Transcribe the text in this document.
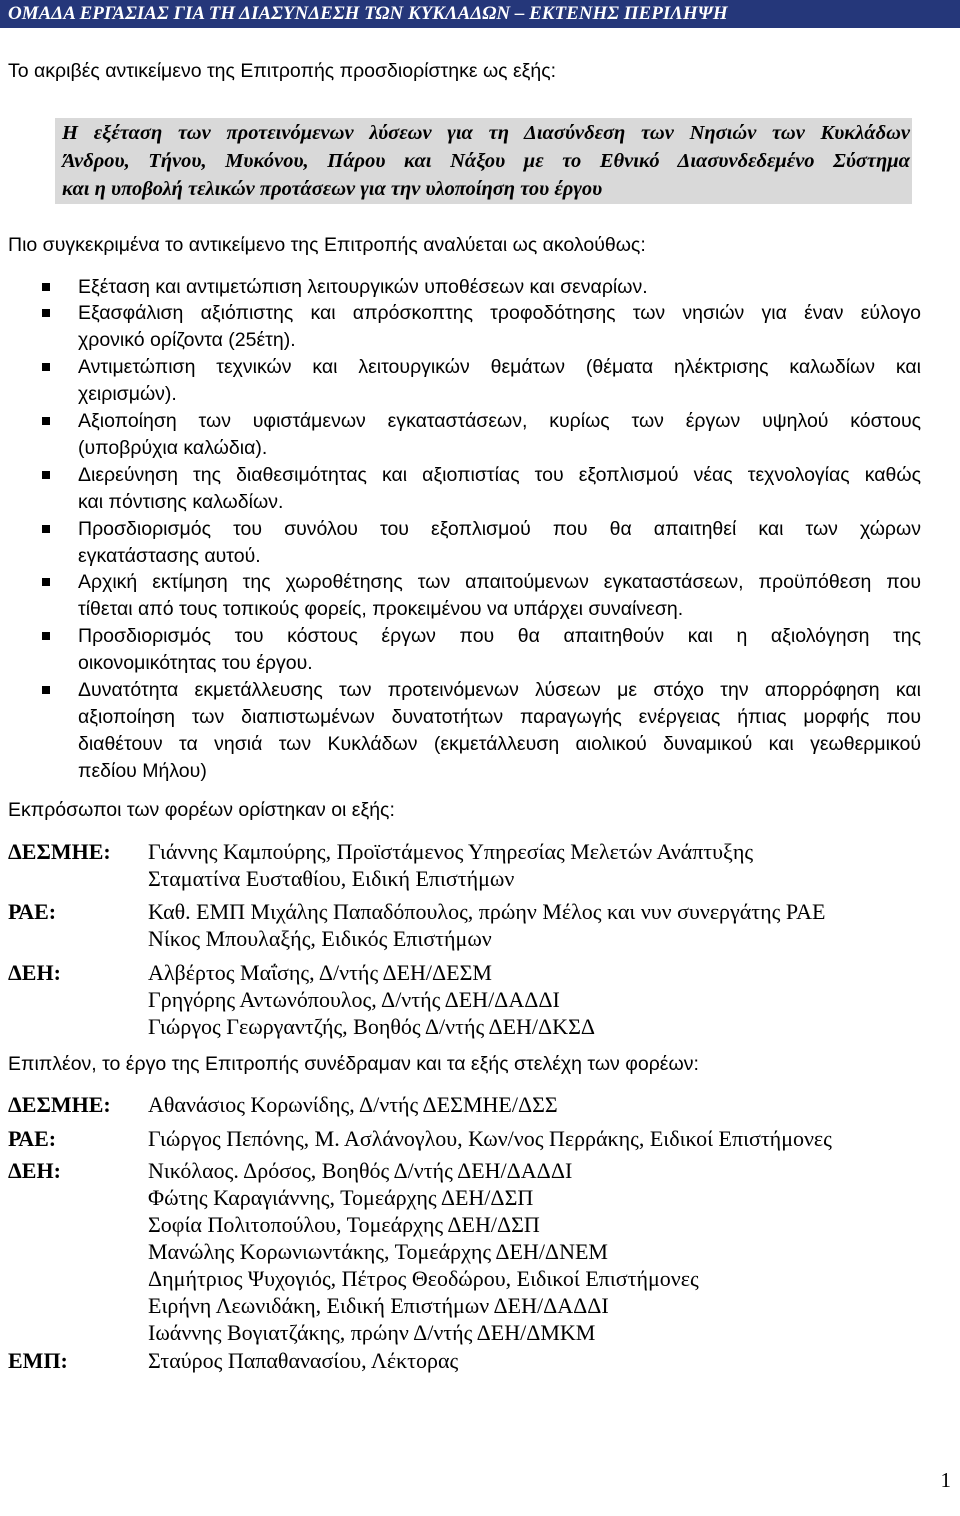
ΟΜΑΔΑ ΕΡΓΑΣΙΑΣ ΓΙΑ ΤΗ ΔΙΑΣΥΝΔΕΣΗ ΤΩΝ ΚΥΚΛΑΔΩΝ – ΕΚΤΕΝΗΣ ΠΕΡΙΛΗΨΗ

Το ακριβές αντικείμενο της Επιτροπής προσδιορίστηκε ως εξής:

Η εξέταση των προτεινόμενων λύσεων για τη Διασύνδεση των Νησιών των Κυκλάδων
Άνδρου, Τήνου, Μυκόνου, Πάρου και Νάξου με το Εθνικό Διασυνδεδεμένο Σύστημα
και η υποβολή τελικών προτάσεων για την υλοποίηση του έργου

Πιο συγκεκριμένα το αντικείμενο της Επιτροπής αναλύεται ως ακολούθως:

Εξέταση και αντιμετώπιση λειτουργικών υποθέσεων και σεναρίων.
Εξασφάλιση αξιόπιστης και απρόσκοπτης τροφοδότησης των νησιών για έναν εύλογο
χρονικό ορίζοντα (25έτη).
Αντιμετώπιση τεχνικών και λειτουργικών θεμάτων (θέματα ηλέκτρισης καλωδίων και
χειρισμών).
Αξιοποίηση των υφιστάμενων εγκαταστάσεων, κυρίως των έργων υψηλού κόστους
(υποβρύχια καλώδια).
Διερεύνηση της διαθεσιμότητας και αξιοπιστίας του εξοπλισμού νέας τεχνολογίας καθώς
και πόντισης καλωδίων.
Προσδιορισμός του συνόλου του εξοπλισμού που θα απαιτηθεί και των χώρων
εγκατάστασης αυτού.
Αρχική εκτίμηση της χωροθέτησης των απαιτούμενων εγκαταστάσεων, προϋπόθεση που
τίθεται από τους τοπικούς φορείς, προκειμένου να υπάρχει συναίνεση.
Προσδιορισμός του κόστους έργων που θα απαιτηθούν και η αξιολόγηση της
οικονομικότητας του έργου.
Δυνατότητα εκμετάλλευσης των προτεινόμενων λύσεων με στόχο την απορρόφηση και
αξιοποίηση των διαπιστωμένων δυνατοτήτων παραγωγής ενέργειας ήπιας μορφής που
διαθέτουν τα νησιά των Κυκλάδων (εκμετάλλευση αιολικού δυναμικού και γεωθερμικού
πεδίου Μήλου)

Εκπρόσωποι των φορέων ορίστηκαν οι εξής:

ΔΕΣΜΗΕ:	Γιάννης Καμπούρης, Προϊστάμενος Υπηρεσίας Μελετών Ανάπτυξης
Σταματίνα Ευσταθίου, Ειδική Επιστήμων
ΡΑΕ:	Καθ. ΕΜΠ Μιχάλης Παπαδόπουλος, πρώην Μέλος και νυν συνεργάτης ΡΑΕ
Νίκος Μπουλαξής, Ειδικός Επιστήμων
ΔΕΗ:	Αλβέρτος Μαΐσης, Δ/ντής ΔΕΗ/ΔΕΣΜ
Γρηγόρης Αντωνόπουλος, Δ/ντής ΔΕΗ/ΔΑΔΔΙ
Γιώργος Γεωργαντζής, Βοηθός Δ/ντής ΔΕΗ/ΔΚΣΔ

Επιπλέον, το έργο της Επιτροπής συνέδραμαν και τα εξής στελέχη των φορέων:

ΔΕΣΜΗΕ:	Αθανάσιος Κορωνίδης, Δ/ντής ΔΕΣΜΗΕ/ΔΣΣ
ΡΑΕ:	Γιώργος Πεπόνης, Μ. Ασλάνογλου, Κων/νος Περράκης, Ειδικοί Επιστήμονες
ΔΕΗ:	Νικόλαος. Δρόσος, Βοηθός Δ/ντής ΔΕΗ/ΔΑΔΔΙ
Φώτης Καραγιάννης, Τομεάρχης ΔΕΗ/ΔΣΠ
Σοφία Πολιτοπούλου, Τομεάρχης ΔΕΗ/ΔΣΠ
Μανώλης Κορωνιωντάκης, Τομεάρχης ΔΕΗ/ΔΝΕΜ
Δημήτριος Ψυχογιός, Πέτρος Θεοδώρου, Ειδικοί Επιστήμονες
Ειρήνη Λεωνιδάκη, Ειδική Επιστήμων ΔΕΗ/ΔΑΔΔΙ
Ιωάννης Βογιατζάκης, πρώην Δ/ντής ΔΕΗ/ΔΜΚΜ
ΕΜΠ:	Σταύρος Παπαθανασίου, Λέκτορας
1
